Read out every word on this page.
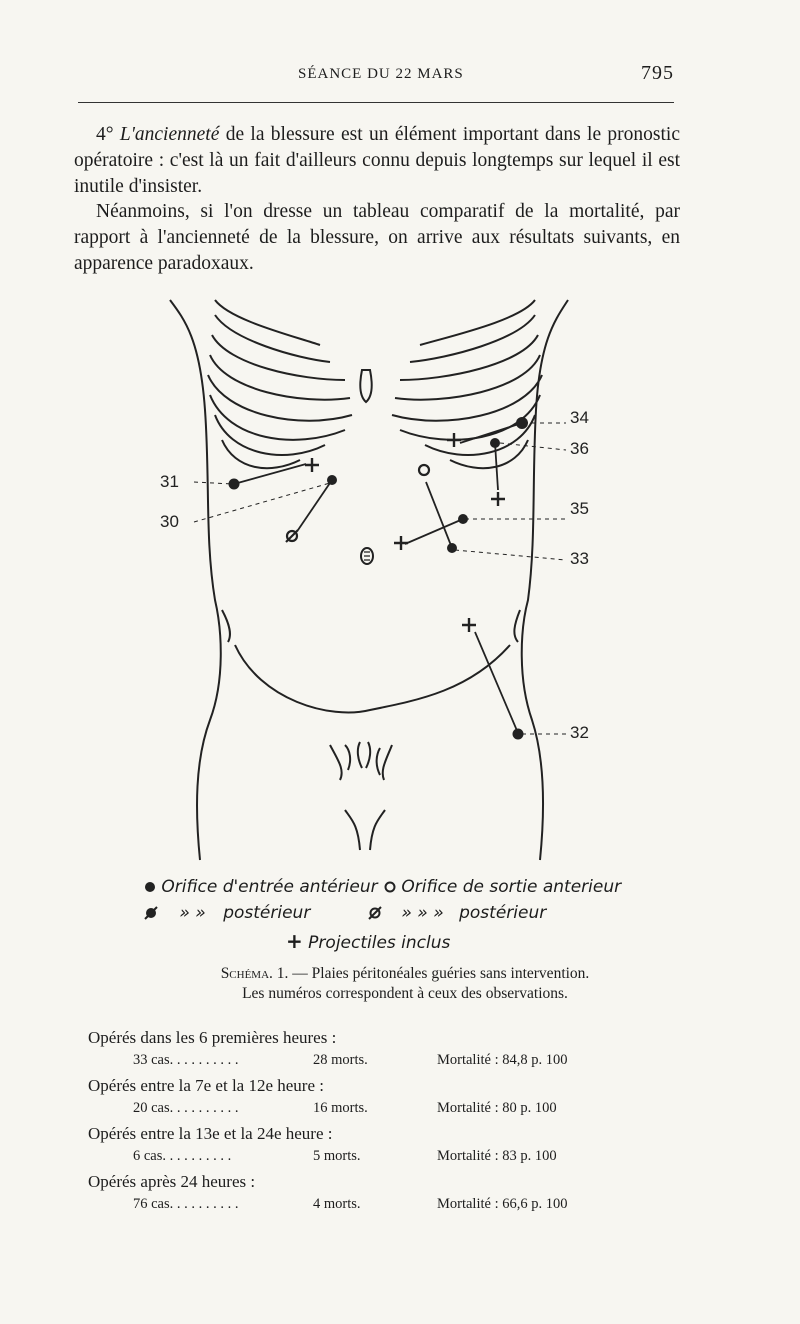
SÉANCE DU 22 MARS	795
4° L'ancienneté de la blessure est un élément important dans le pronostic opératoire : c'est là un fait d'ailleurs connu depuis longtemps sur lequel il est inutile d'insister.
Néanmoins, si l'on dresse un tableau comparatif de la mortalité, par rapport à l'ancienneté de la blessure, on arrive aux résultats suivants, en apparence paradoxaux.
31
30
34
36
35
33
32
Orifice d'entrée antérieur	Orifice de sortie anterieur
» » postérieur	» » » postérieur
+ Projectiles inclus
Schéma. 1. — Plaies péritonéales guéries sans intervention.
Les numéros correspondent à ceux des observations.
Opérés dans les 6 premières heures :
33 cas. . . . . . . . . .	28 morts.	Mortalité : 84,8 p. 100
Opérés entre la 7e et la 12e heure :
20 cas. . . . . . . . . .	16 morts.	Mortalité : 80 p. 100
Opérés entre la 13e et la 24e heure :
6 cas. . . . . . . . . .	5 morts.	Mortalité : 83 p. 100
Opérés après 24 heures :
76 cas. . . . . . . . . .	4 morts.	Mortalité : 66,6 p. 100
